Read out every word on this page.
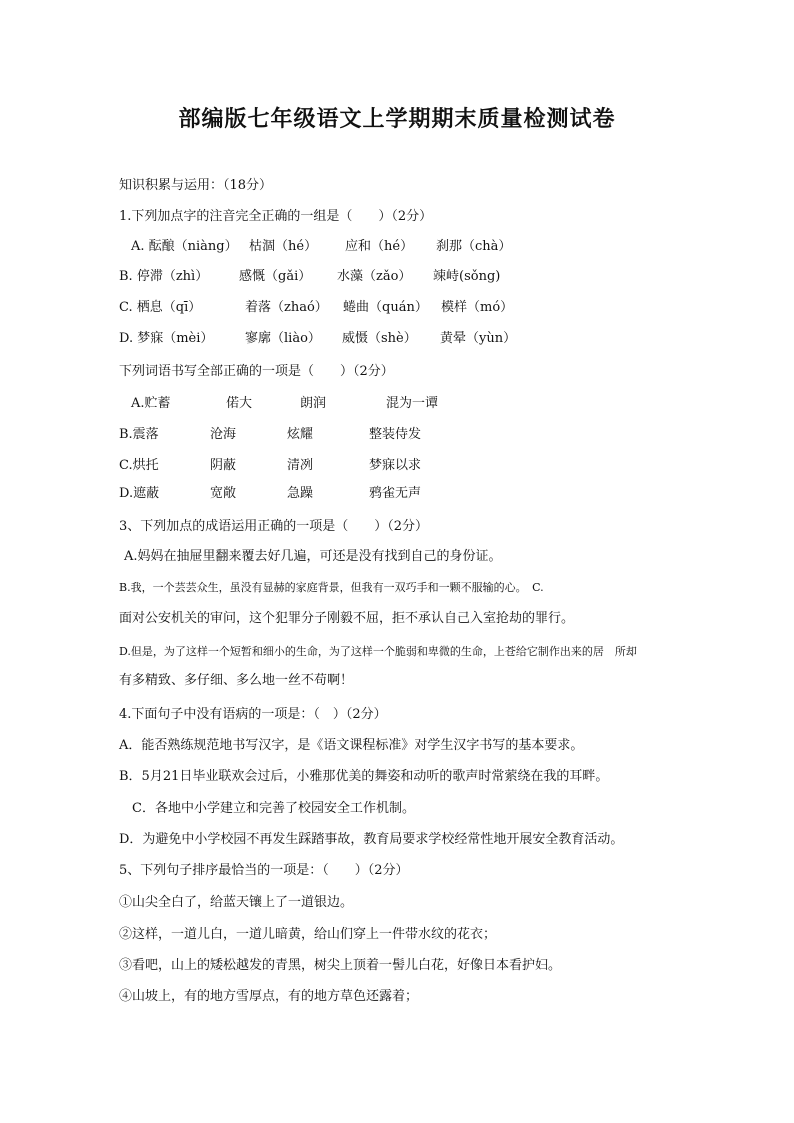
部编版七年级语文上学期期末质量检测试卷
知识积累与运用：（18分）
1.下列加点字的注音完全正确的一组是（　　）（2分）
A. 酝酿（niàng） 枯涸（hé） 应和（hé） 刹那（chà）
B. 停滞（zhì） 感慨（gǎi） 水藻（zǎo） 竦峙(sǒng)
C. 栖息（qī）	着落（zhaó） 蜷曲（quán） 模样（mó）
D. 梦寐（mèi） 寥廓（liào） 威慑（shè） 黄晕（yùn）
下列词语书写全部正确的一项是（　　）（2分）
A.贮蓄	偌大	朗润	混为一谭
B.震落	沧海	炫耀	整装侍发
C.烘托	阴蔽	清冽	梦寐以求
D.遮蔽	宽敞	急躁	鸦雀无声
3、下列加点的成语运用正确的一项是（　　）（2分）
A.妈妈在抽屉里翻来覆去好几遍，可还是没有找到自己的身份证。
B.我，一个芸芸众生，虽没有显赫的家庭背景，但我有一双巧手和一颗不服输的心。　C.
面对公安机关的审问，这个犯罪分子刚毅不屈，拒不承认自己入室抢劫的罪行。
D.但是，为了这样一个短暂和细小的生命，为了这样一个脆弱和卑微的生命，上苍给它制作出来的居　所却
有多精致、多仔细、多么地一丝不苟啊！
4.下面句子中没有语病的一项是：（　）（2分）
A．能否熟练规范地书写汉字，是《语文课程标准》对学生汉字书写的基本要求。
B．5月21日毕业联欢会过后，小雅那优美的舞姿和动听的歌声时常萦绕在我的耳畔。
C．各地中小学建立和完善了校园安全工作机制。
D．为避免中小学校园不再发生踩踏事故，教育局要求学校经常性地开展安全教育活动。
5、下列句子排序最恰当的一项是：（　　）（2分）
①山尖全白了，给蓝天镶上了一道银边。
②这样，一道儿白，一道儿暗黄，给山们穿上一件带水纹的花衣；
③看吧，山上的矮松越发的青黑，树尖上顶着一髻儿白花，好像日本看护妇。
④山坡上，有的地方雪厚点，有的地方草色还露着；
